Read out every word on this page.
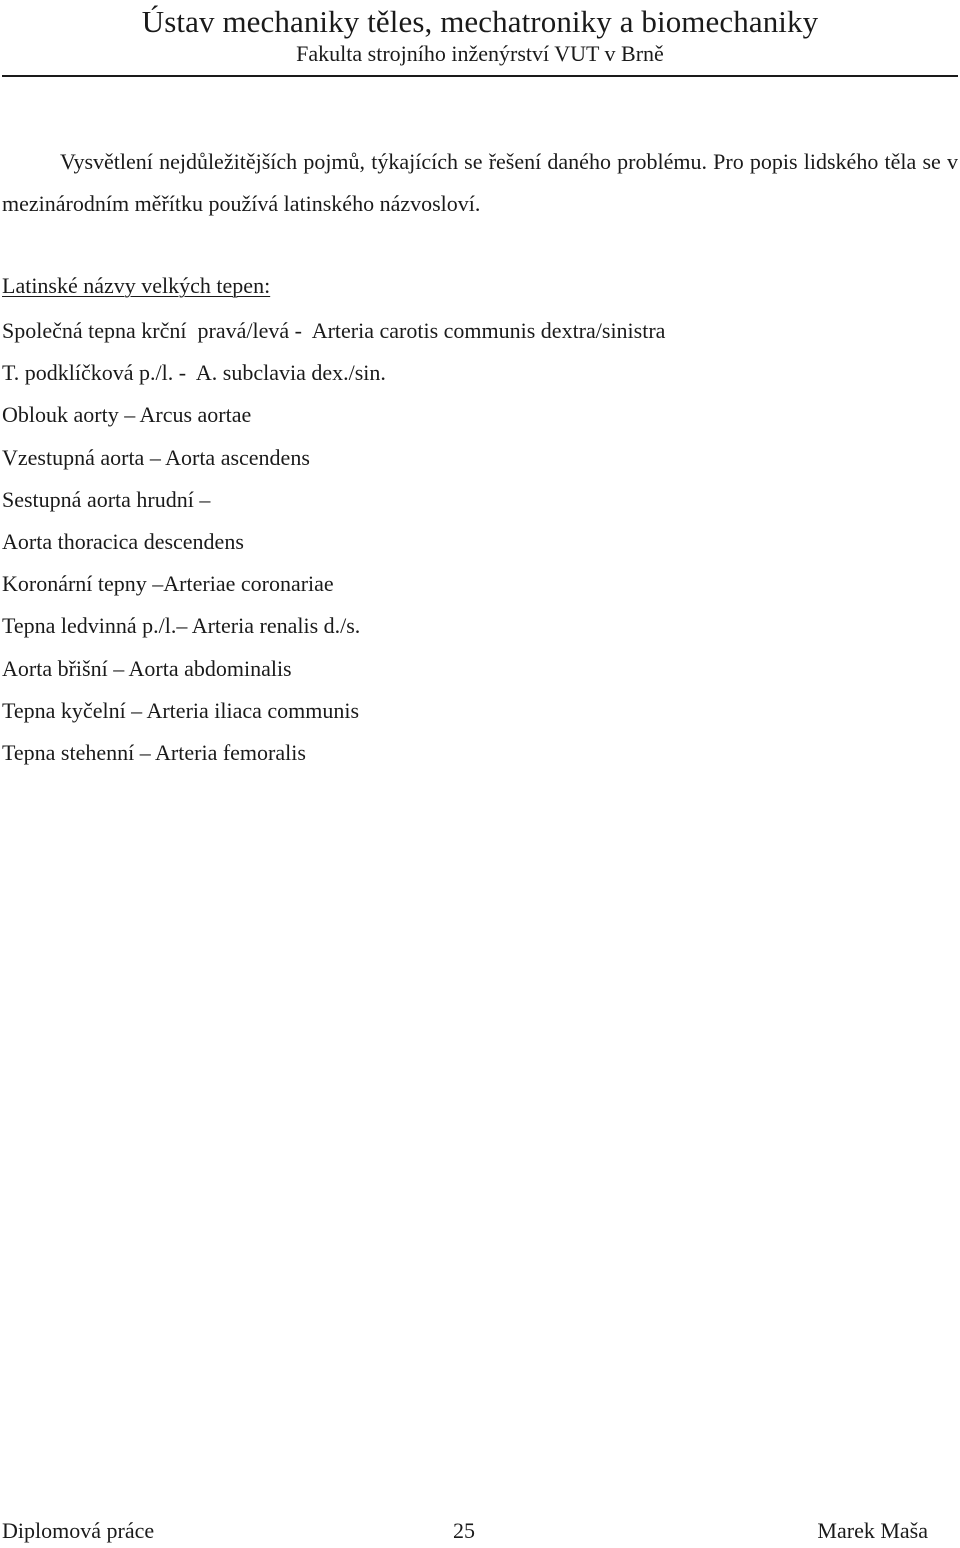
Ústav mechaniky těles, mechatroniky a biomechaniky
Fakulta strojního inženýrství VUT v Brně

Vysvětlení nejdůležitějších pojmů, týkajících se řešení daného problému. Pro popis lidského těla se v mezinárodním měřítku používá latinského názvosloví.

Latinské názvy velkých tepen:
Společná tepna krční  pravá/levá -  Arteria carotis communis dextra/sinistra
T. podklíčková p./l. -  A. subclavia dex./sin.
Oblouk aorty – Arcus aortae
Vzestupná aorta – Aorta ascendens
Sestupná aorta hrudní –
Aorta thoracica descendens
Koronární tepny –Arteriae coronariae
Tepna ledvinná p./l.– Arteria renalis d./s.
Aorta břišní – Aorta abdominalis
Tepna kyčelní – Arteria iliaca communis
Tepna stehenní – Arteria femoralis
Diplomová práce	25	Marek Maša
